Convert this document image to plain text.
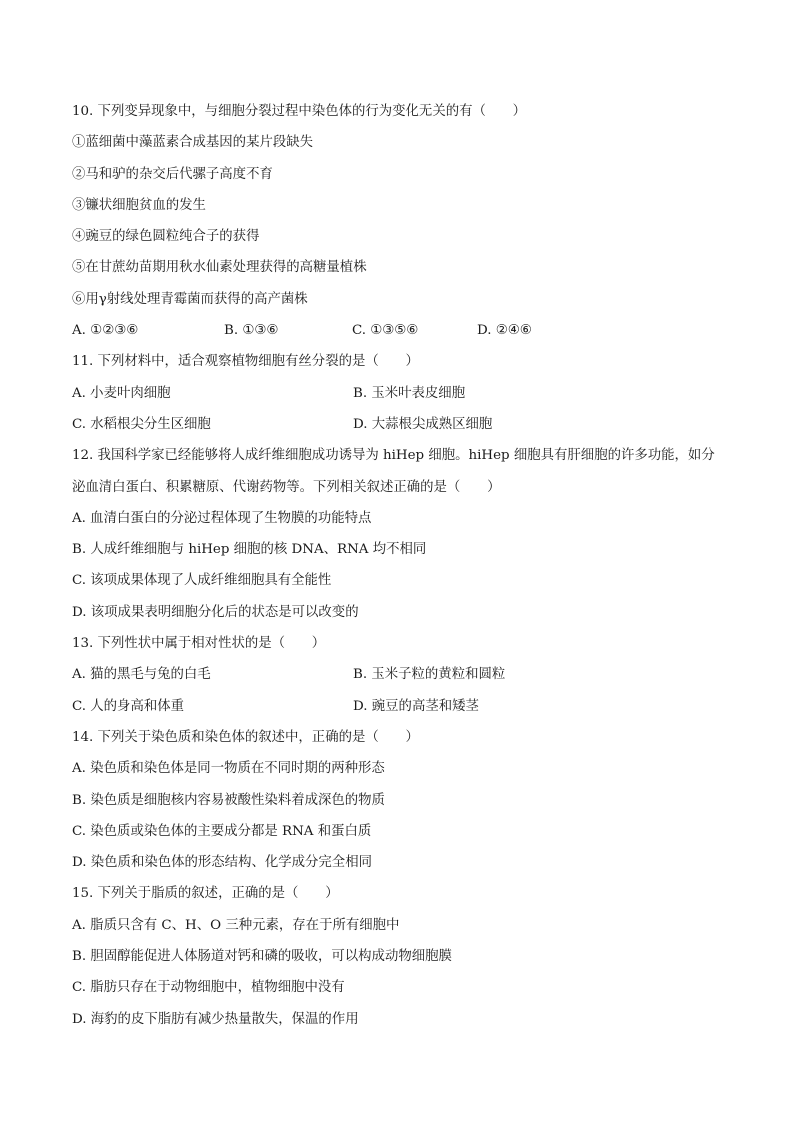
10. 下列变异现象中，与细胞分裂过程中染色体的行为变化无关的有（　　）
①蓝细菌中藻蓝素合成基因的某片段缺失
②马和驴的杂交后代骡子高度不育
③镰状细胞贫血的发生
④豌豆的绿色圆粒纯合子的获得
⑤在甘蔗幼苗期用秋水仙素处理获得的高糖量植株
⑥用γ射线处理青霉菌而获得的高产菌株
A. ①②③⑥	B. ①③⑥	C. ①③⑤⑥	D. ②④⑥
11. 下列材料中，适合观察植物细胞有丝分裂的是（　　）
A. 小麦叶肉细胞	B. 玉米叶表皮细胞
C. 水稻根尖分生区细胞	D. 大蒜根尖成熟区细胞
12. 我国科学家已经能够将人成纤维细胞成功诱导为 hiHep 细胞。hiHep 细胞具有肝细胞的许多功能，如分
泌血清白蛋白、积累糖原、代谢药物等。下列相关叙述正确的是（　　）
A. 血清白蛋白的分泌过程体现了生物膜的功能特点
B. 人成纤维细胞与 hiHep 细胞的核 DNA、RNA 均不相同
C. 该项成果体现了人成纤维细胞具有全能性
D. 该项成果表明细胞分化后的状态是可以改变的
13. 下列性状中属于相对性状的是（　　）
A. 猫的黑毛与兔的白毛	B. 玉米子粒的黄粒和圆粒
C. 人的身高和体重	D. 豌豆的高茎和矮茎
14. 下列关于染色质和染色体的叙述中，正确的是（　　）
A. 染色质和染色体是同一物质在不同时期的两种形态
B. 染色质是细胞核内容易被酸性染料着成深色的物质
C. 染色质或染色体的主要成分都是 RNA 和蛋白质
D. 染色质和染色体的形态结构、化学成分完全相同
15. 下列关于脂质的叙述，正确的是（　　）
A. 脂质只含有 C、H、O 三种元素，存在于所有细胞中
B. 胆固醇能促进人体肠道对钙和磷的吸收，可以构成动物细胞膜
C. 脂肪只存在于动物细胞中，植物细胞中没有
D. 海豹的皮下脂肪有减少热量散失，保温的作用
